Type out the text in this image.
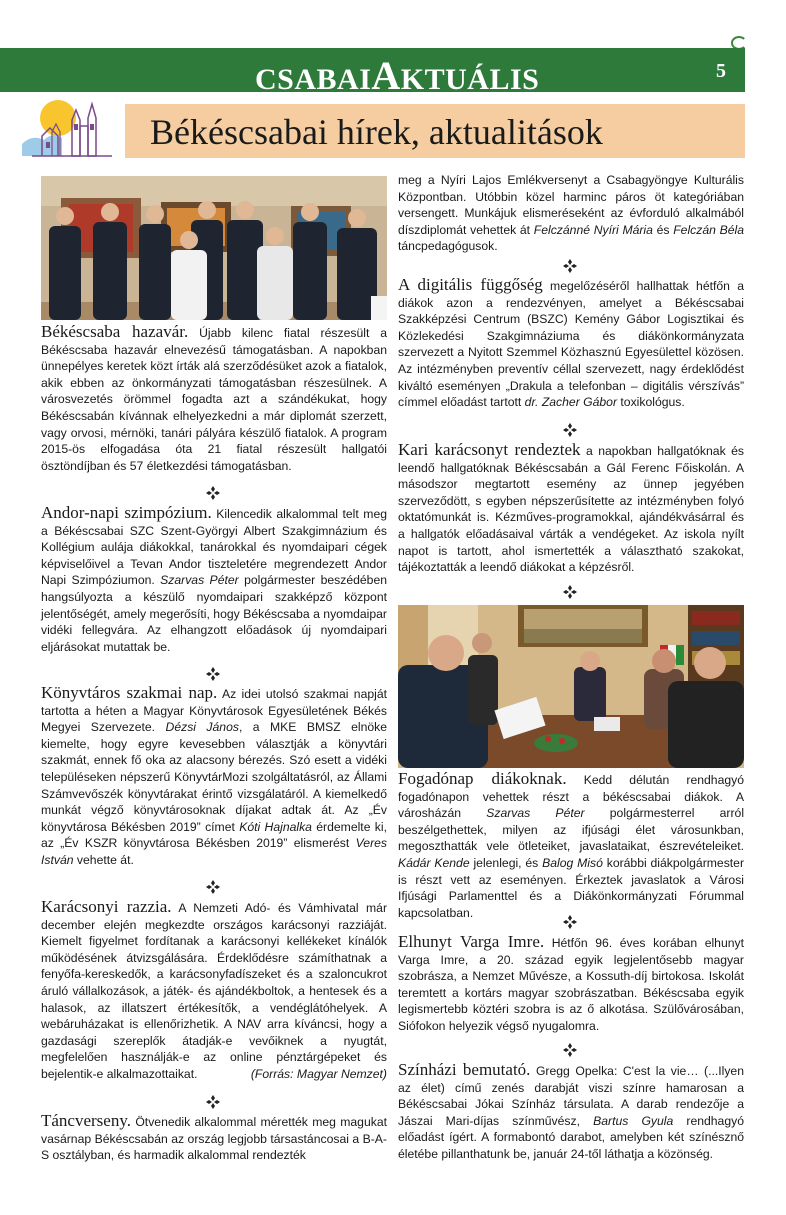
CSABAIAKTUÁLIS	5
Békéscsabai hírek, aktualitások
Békéscsaba hazavár. Újabb kilenc fiatal részesült a Békéscsaba hazavár elnevezésű támogatásban. A napokban ünnepélyes keretek közt írták alá szerződésüket azok a fiatalok, akik ebben az önkormányzati támogatásban részesülnek. A városvezetés örömmel fogadta azt a szándékukat, hogy Békéscsabán kívánnak elhelyezkedni a már diplomát szerzett, vagy orvosi, mérnöki, tanári pályára készülő fiatalok. A program 2015-ös elfogadása óta 21 fiatal részesült hallgatói ösztöndíjban és 57 életkezdési támogatásban.
Andor-napi szimpózium. Kilencedik alkalommal telt meg a Békéscsabai SZC Szent-Györgyi Albert Szakgimnázium és Kollégium aulája diákokkal, tanárokkal és nyomdaipari cégek képviselőivel a Tevan Andor tiszteletére megrendezett Andor Napi Szimpóziumon. Szarvas Péter polgármester beszédében hangsúlyozta a készülő nyomdaipari szakképző központ jelentőségét, amely megerősíti, hogy Békéscsaba a nyomdaipar vidéki fellegvára. Az elhangzott előadások új nyomdaipari eljárásokat mutattak be.
Könyvtáros szakmai nap. Az idei utolsó szakmai napját tartotta a héten a Magyar Könyvtárosok Egyesületének Békés Megyei Szervezete. Dézsi János, a MKE BMSZ elnöke kiemelte, hogy egyre kevesebben választják a könyvtári szakmát, ennek fő oka az alacsony bérezés. Szó esett a vidéki településeken népszerű KönyvtárMozi szolgáltatásról, az Állami Számvevőszék könyvtárakat érintő vizsgálatáról. A kiemelkedő munkát végző könyvtárosoknak díjakat adtak át. Az „Év könyvtárosa Békésben 2019” címet Kóti Hajnalka érdemelte ki, az „Év KSZR könyvtárosa Békésben 2019” elismerést Veres István vehette át.
Karácsonyi razzia. A Nemzeti Adó- és Vámhivatal már december elején megkezdte országos karácsonyi razziáját. Kiemelt figyelmet fordítanak a karácsonyi kellékeket kínálók működésének átvizsgálására. Érdeklődésre számíthatnak a fenyőfa-kereskedők, a karácsonyfadíszeket és a szaloncukrot áruló vállalkozások, a játék- és ajándékboltok, a hentesek és a halasok, az illatszert értékesítők, a vendéglátóhelyek. A webáruházakat is ellenőrizhetik. A NAV arra kíváncsi, hogy a gazdasági szereplők átadják-e vevőiknek a nyugtát, megfelelően használják-e az online pénztárgépeket és bejelentik-e alkalmazottaikat.	(Forrás: Magyar Nemzet)
Táncverseny. Ötvenedik alkalommal mérették meg magukat vasárnap Békéscsabán az ország legjobb társastáncosai a B-A-S osztályban, és harmadik alkalommal rendezték
meg a Nyíri Lajos Emlékversenyt a Csabagyöngye Kulturális Központban. Utóbbin közel harminc páros öt kategóriában versengett. Munkájuk elismeréseként az évforduló alkalmából díszdiplomát vehettek át Felczánné Nyíri Mária és Felczán Béla táncpedagógusok.
A digitális függőség megelőzéséről hallhattak hétfőn a diákok azon a rendezvényen, amelyet a Békéscsabai Szakképzési Centrum (BSZC) Kemény Gábor Logisztikai és Közlekedési Szakgimnáziuma és diákönkormányzata szervezett a Nyitott Szemmel Közhasznú Egyesülettel közösen. Az intézményben preventív céllal szervezett, nagy érdeklődést kiváltó eseményen „Drakula a telefonban – digitális vérszívás” címmel előadást tartott dr. Zacher Gábor toxikológus.
Kari karácsonyt rendeztek a napokban hallgatóknak és leendő hallgatóknak Békéscsabán a Gál Ferenc Főiskolán. A másodszor megtartott esemény az ünnep jegyében szerveződött, s egyben népszerűsítette az intézményben folyó oktatómunkát is. Kézműves-programokkal, ajándékvásárral és a hallgatók előadásaival várták a vendégeket. Az iskola nyílt napot is tartott, ahol ismertették a választható szakokat, tájékoztatták a leendő diákokat a képzésről.
Fogadónap diákoknak. Kedd délután rendhagyó fogadónapon vehettek részt a békéscsabai diákok. A városházán Szarvas Péter polgármesterrel arról beszélgethettek, milyen az ifjúsági élet városunkban, megoszthatták vele ötleteiket, javaslataikat, észrevételeiket. Kádár Kende jelenlegi, és Balog Misó korábbi diákpolgármester is részt vett az eseményen. Érkeztek javaslatok a Városi Ifjúsági Parlamenttel és a Diákönkormányzati Fórummal kapcsolatban.
Elhunyt Varga Imre. Hétfőn 96. éves korában elhunyt Varga Imre, a 20. század egyik legjelentősebb magyar szobrásza, a Nemzet Művésze, a Kossuth-díj birtokosa. Iskolát teremtett a kortárs magyar szobrászatban. Békéscsaba egyik legismertebb köztéri szobra is az ő alkotása. Szülővárosában, Siófokon helyezik végső nyugalomra.
Színházi bemutató. Gregg Opelka: C'est la vie… (...Ilyen az élet) című zenés darabját viszi színre hamarosan a Békéscsabai Jókai Színház társulata. A darab rendezője a Jászai Mari-díjas színművész, Bartus Gyula rendhagyó előadást ígért. A formabontó darabot, amelyben két színésznő életébe pillanthatunk be, január 24-től láthatja a közönség.
